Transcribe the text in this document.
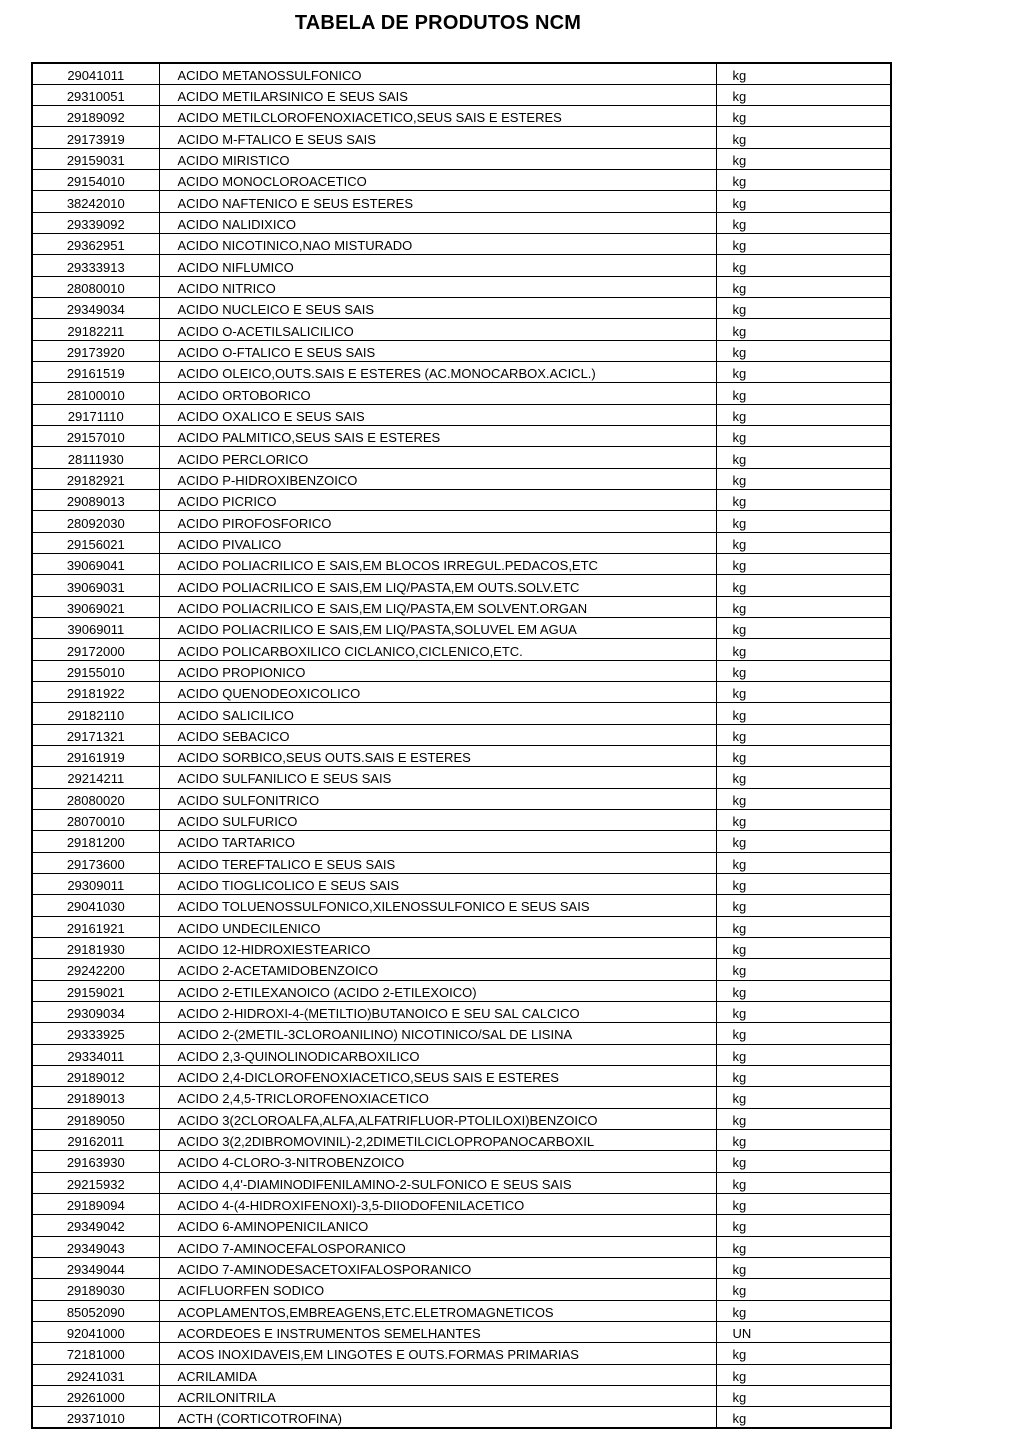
TABELA DE PRODUTOS NCM
29041011	ACIDO METANOSSULFONICO	kg
29310051	ACIDO METILARSINICO E SEUS SAIS	kg
29189092	ACIDO METILCLOROFENOXIACETICO,SEUS SAIS E ESTERES	kg
29173919	ACIDO M-FTALICO E SEUS SAIS	kg
29159031	ACIDO MIRISTICO	kg
29154010	ACIDO MONOCLOROACETICO	kg
38242010	ACIDO NAFTENICO E SEUS ESTERES	kg
29339092	ACIDO NALIDIXICO	kg
29362951	ACIDO NICOTINICO,NAO MISTURADO	kg
29333913	ACIDO NIFLUMICO	kg
28080010	ACIDO NITRICO	kg
29349034	ACIDO NUCLEICO E SEUS SAIS	kg
29182211	ACIDO O-ACETILSALICILICO	kg
29173920	ACIDO O-FTALICO E SEUS SAIS	kg
29161519	ACIDO OLEICO,OUTS.SAIS E ESTERES (AC.MONOCARBOX.ACICL.)	kg
28100010	ACIDO ORTOBORICO	kg
29171110	ACIDO OXALICO E SEUS SAIS	kg
29157010	ACIDO PALMITICO,SEUS SAIS E ESTERES	kg
28111930	ACIDO PERCLORICO	kg
29182921	ACIDO P-HIDROXIBENZOICO	kg
29089013	ACIDO PICRICO	kg
28092030	ACIDO PIROFOSFORICO	kg
29156021	ACIDO PIVALICO	kg
39069041	ACIDO POLIACRILICO E SAIS,EM BLOCOS IRREGUL.PEDACOS,ETC	kg
39069031	ACIDO POLIACRILICO E SAIS,EM LIQ/PASTA,EM OUTS.SOLV.ETC	kg
39069021	ACIDO POLIACRILICO E SAIS,EM LIQ/PASTA,EM SOLVENT.ORGAN	kg
39069011	ACIDO POLIACRILICO E SAIS,EM LIQ/PASTA,SOLUVEL EM AGUA	kg
29172000	ACIDO POLICARBOXILICO CICLANICO,CICLENICO,ETC.	kg
29155010	ACIDO PROPIONICO	kg
29181922	ACIDO QUENODEOXICOLICO	kg
29182110	ACIDO SALICILICO	kg
29171321	ACIDO SEBACICO	kg
29161919	ACIDO SORBICO,SEUS OUTS.SAIS E ESTERES	kg
29214211	ACIDO SULFANILICO E SEUS SAIS	kg
28080020	ACIDO SULFONITRICO	kg
28070010	ACIDO SULFURICO	kg
29181200	ACIDO TARTARICO	kg
29173600	ACIDO TEREFTALICO E SEUS SAIS	kg
29309011	ACIDO TIOGLICOLICO E SEUS SAIS	kg
29041030	ACIDO TOLUENOSSULFONICO,XILENOSSULFONICO E SEUS SAIS	kg
29161921	ACIDO UNDECILENICO	kg
29181930	ACIDO 12-HIDROXIESTEARICO	kg
29242200	ACIDO 2-ACETAMIDOBENZOICO	kg
29159021	ACIDO 2-ETILEXANOICO (ACIDO 2-ETILEXOICO)	kg
29309034	ACIDO 2-HIDROXI-4-(METILTIO)BUTANOICO E SEU SAL CALCICO	kg
29333925	ACIDO 2-(2METIL-3CLOROANILINO) NICOTINICO/SAL DE LISINA	kg
29334011	ACIDO 2,3-QUINOLINODICARBOXILICO	kg
29189012	ACIDO 2,4-DICLOROFENOXIACETICO,SEUS SAIS E ESTERES	kg
29189013	ACIDO 2,4,5-TRICLOROFENOXIACETICO	kg
29189050	ACIDO 3(2CLOROALFA,ALFA,ALFATRIFLUOR-PTOLILOXI)BENZOICO	kg
29162011	ACIDO 3(2,2DIBROMOVINIL)-2,2DIMETILCICLOPROPANOCARBOXIL	kg
29163930	ACIDO 4-CLORO-3-NITROBENZOICO	kg
29215932	ACIDO 4,4'-DIAMINODIFENILAMINO-2-SULFONICO E SEUS SAIS	kg
29189094	ACIDO 4-(4-HIDROXIFENOXI)-3,5-DIIODOFENILACETICO	kg
29349042	ACIDO 6-AMINOPENICILANICO	kg
29349043	ACIDO 7-AMINOCEFALOSPORANICO	kg
29349044	ACIDO 7-AMINODESACETOXIFALOSPORANICO	kg
29189030	ACIFLUORFEN SODICO	kg
85052090	ACOPLAMENTOS,EMBREAGENS,ETC.ELETROMAGNETICOS	kg
92041000	ACORDEOES E INSTRUMENTOS SEMELHANTES	UN
72181000	ACOS INOXIDAVEIS,EM LINGOTES E OUTS.FORMAS PRIMARIAS	kg
29241031	ACRILAMIDA	kg
29261000	ACRILONITRILA	kg
29371010	ACTH (CORTICOTROFINA)	kg
